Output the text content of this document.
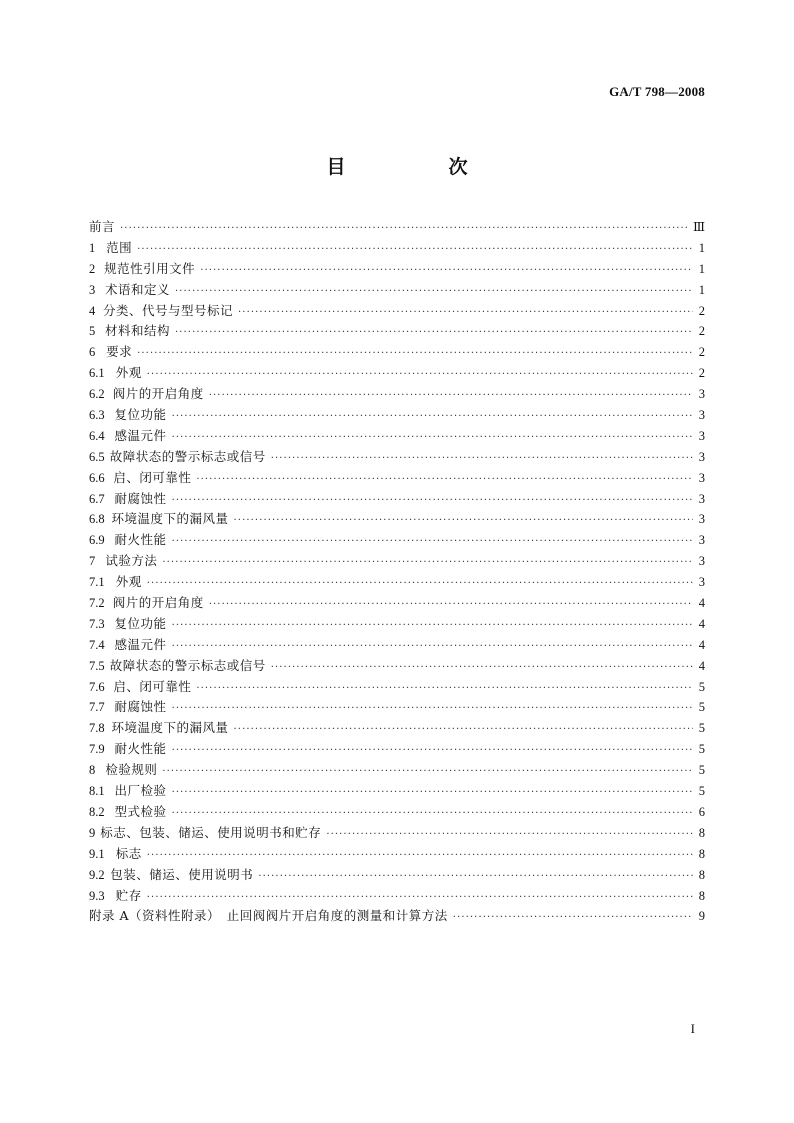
GA/T 798—2008
目　次
前言 ·····	Ⅲ
1 范围 ·····	1
2 规范性引用文件 ·····	1
3 术语和定义 ·····	1
4 分类、代号与型号标记 ·····	2
5 材料和结构 ·····	2
6 要求 ·····	2
6.1 外观 ·····	2
6.2 阀片的开启角度 ·····	3
6.3 复位功能 ·····	3
6.4 感温元件 ·····	3
6.5 故障状态的警示标志或信号 ·····	3
6.6 启、闭可靠性 ·····	3
6.7 耐腐蚀性 ·····	3
6.8 环境温度下的漏风量 ·····	3
6.9 耐火性能 ·····	3
7 试验方法 ·····	3
7.1 外观 ·····	3
7.2 阀片的开启角度 ·····	4
7.3 复位功能 ·····	4
7.4 感温元件 ·····	4
7.5 故障状态的警示标志或信号 ·····	4
7.6 启、闭可靠性 ·····	5
7.7 耐腐蚀性 ·····	5
7.8 环境温度下的漏风量 ·····	5
7.9 耐火性能 ·····	5
8 检验规则 ·····	5
8.1 出厂检验 ·····	5
8.2 型式检验 ·····	6
9 标志、包装、储运、使用说明书和贮存 ·····	8
9.1 标志 ·····	8
9.2 包装、储运、使用说明书 ·····	8
9.3 贮存 ·····	8
附录 A（资料性附录）　止回阀阀片开启角度的测量和计算方法 ·····	9
I
